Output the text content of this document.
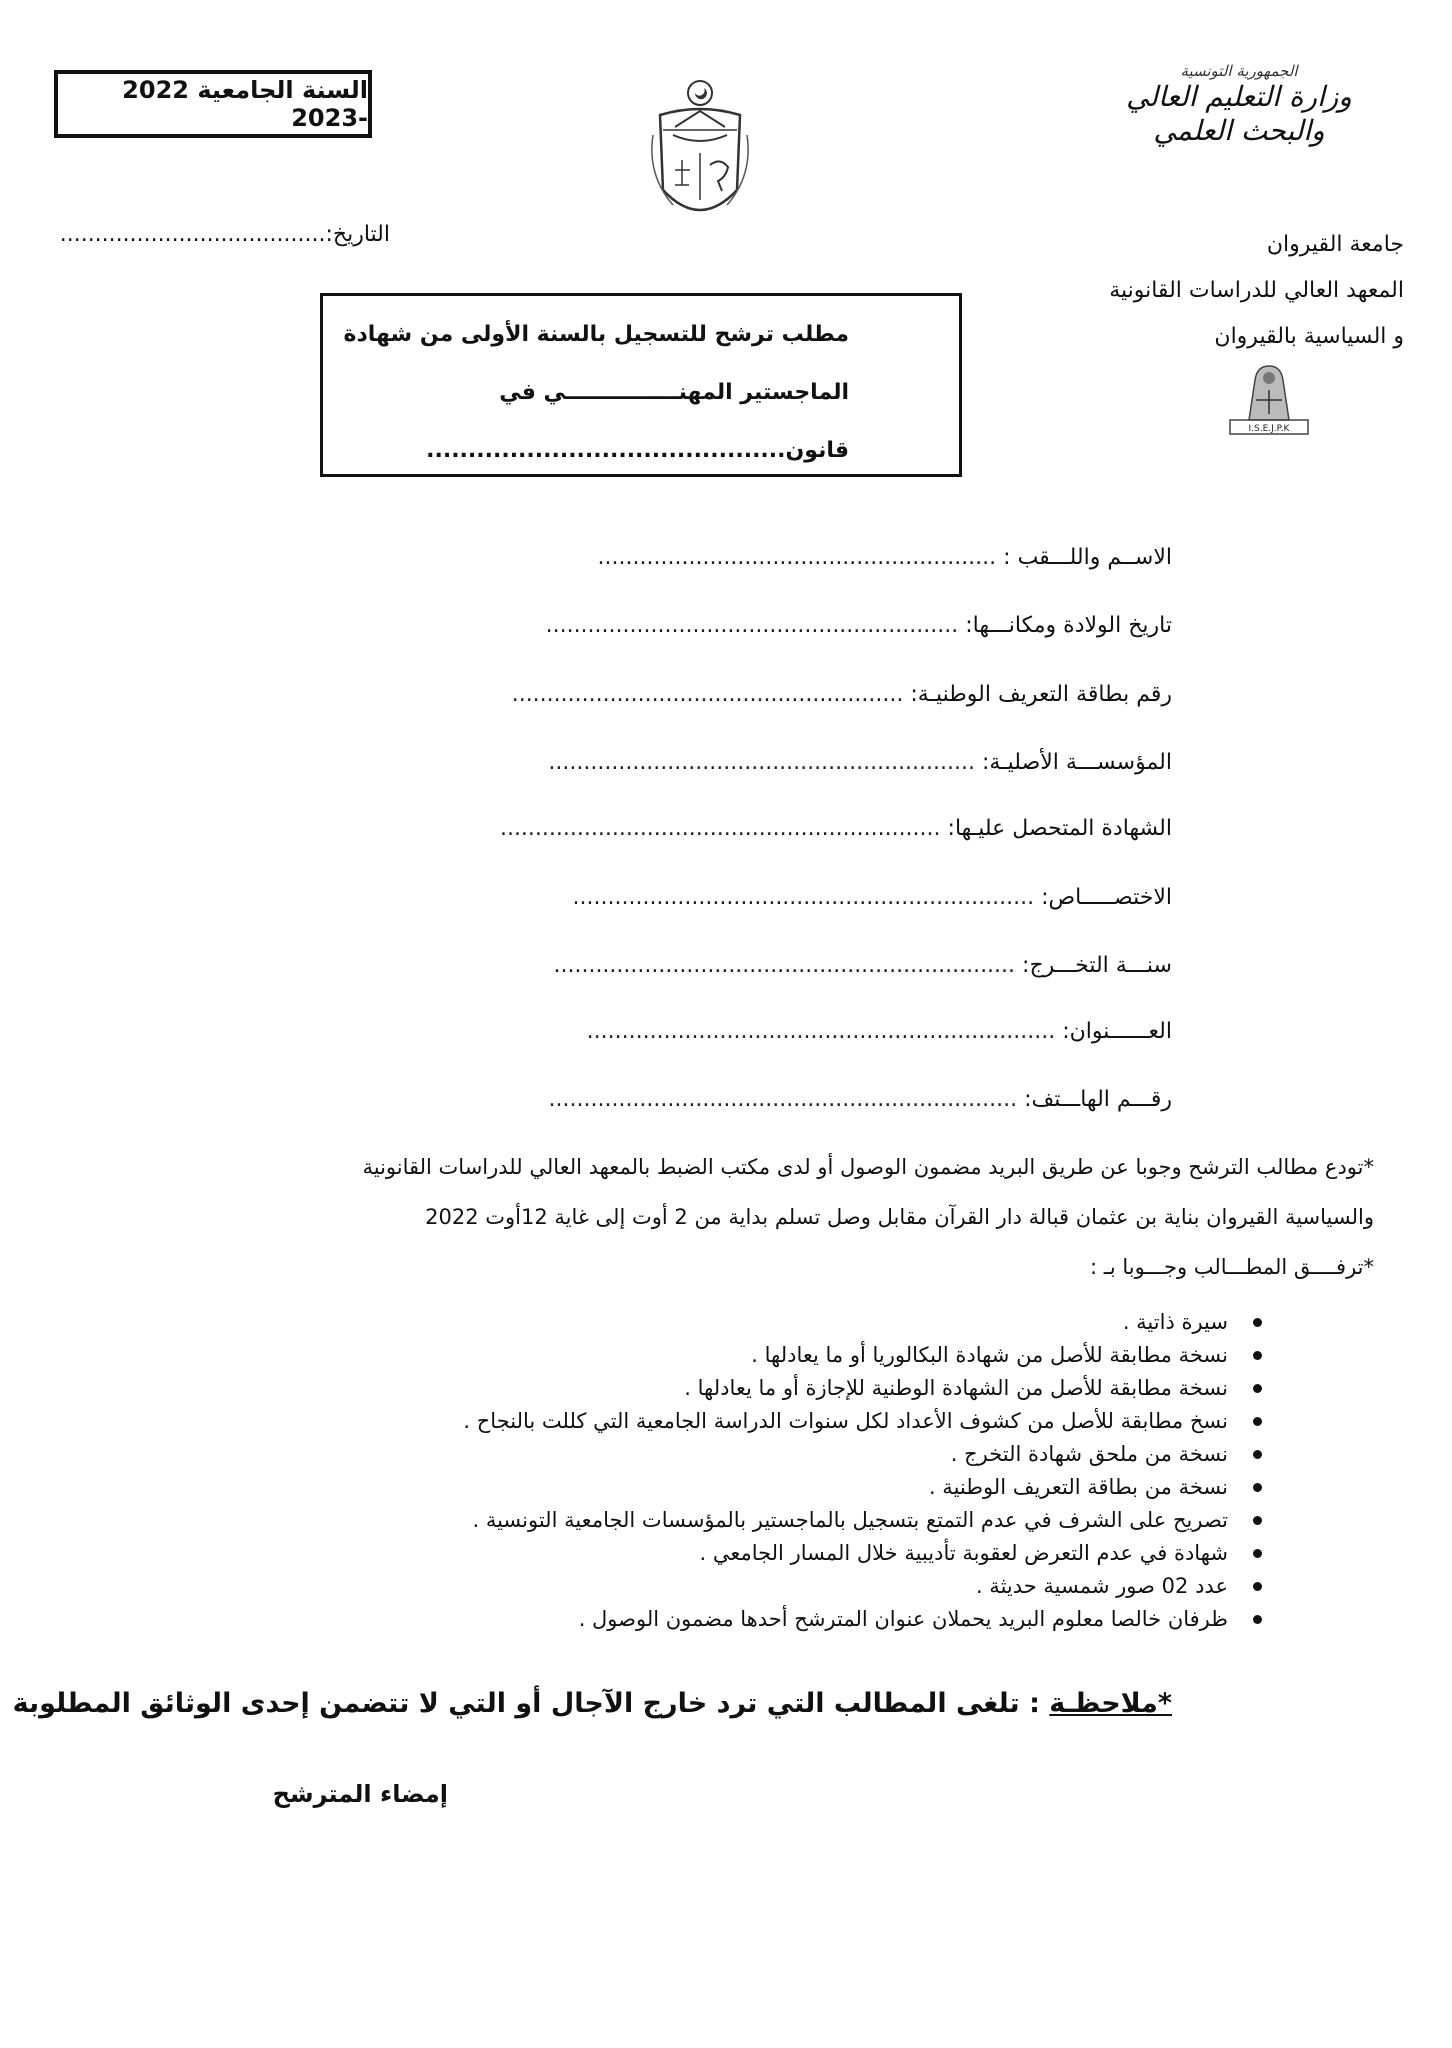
السنة الجامعية 2022 -2023
الجمهورية التونسية
وزارة التعليم العالي
والبحث العلمي
جامعة القيروان
المعهد العالي للدراسات القانونية
و السياسية بالقيروان
I.S.E.J.P.K
التاريخ:......................................
مطلب ترشح للتسجيل بالسنة الأولى من شهادة
الماجستير المهنـــــــــــــــي في
قانون...........................................
الاســم واللـــقب : .........................................................
تاريخ الولادة ومكانـــها: ...........................................................
رقم بطاقة التعريف الوطنيـة: ........................................................
المؤسســـة الأصليـة: .............................................................
الشهادة المتحصل عليـها: ...............................................................
الاختصـــــاص: ..................................................................
سنـــة التخـــرج: ..................................................................
العــــــنوان: ...................................................................
رقـــم الهاـــتف: ...................................................................

*تودع مطالب الترشح وجوبا عن طريق البريد مضمون الوصول أو لدى مكتب الضبط بالمعهد العالي للدراسات القانونية

والسياسية القيروان بناية بن عثمان قبالة دار القرآن مقابل وصل تسلم بداية من 2 أوت إلى غاية 12أوت 2022

*ترفــــق المطـــالب وجـــوبا بـ :

سيرة ذاتية .
نسخة مطابقة للأصل من شهادة البكالوريا أو ما يعادلها .
نسخة مطابقة للأصل من الشهادة الوطنية للإجازة أو ما يعادلها .
نسخ مطابقة للأصل من كشوف الأعداد لكل سنوات الدراسة الجامعية التي كللت بالنجاح .
نسخة من ملحق شهادة التخرج .
نسخة من بطاقة التعريف الوطنية .
تصريح على الشرف في عدم التمتع بتسجيل بالماجستير بالمؤسسات الجامعية التونسية .
شهادة في عدم التعرض لعقوبة تأديبية خلال المسار الجامعي .
عدد 02 صور شمسية حديثة .
ظرفان خالصا معلوم البريد يحملان عنوان المترشح أحدها مضمون الوصول .
*ملاحظـة : تلغى المطالب التي ترد خارج الآجال أو التي لا تتضمن إحدى الوثائق المطلوبة
إمضاء المترشح
